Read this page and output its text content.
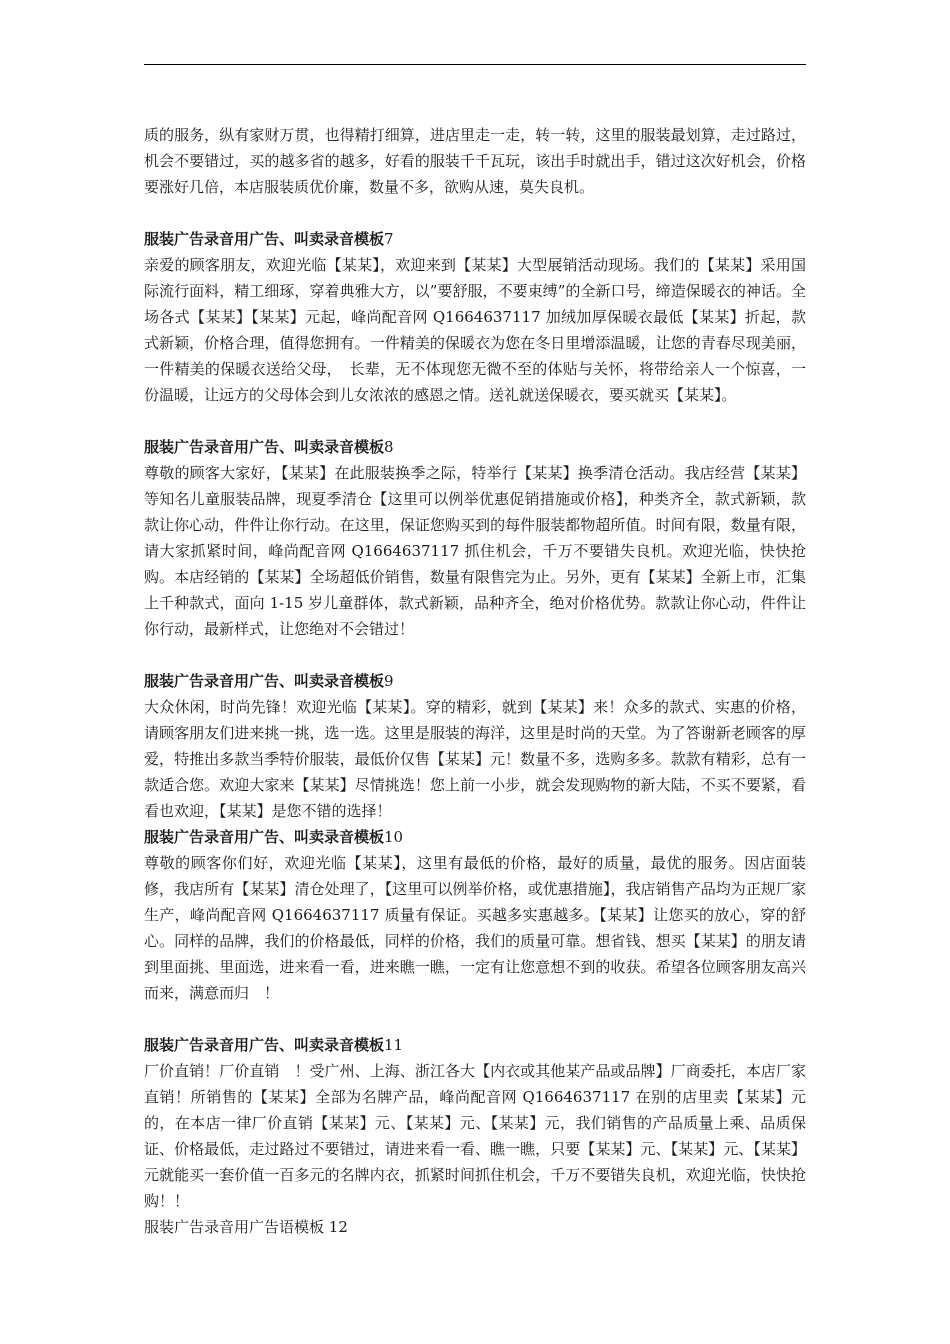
质的服务，纵有家财万贯，也得精打细算，进店里走一走，转一转，这里的服装最划算，走过路过，机会不要错过，买的越多省的越多，好看的服装千千瓦玩，该出手时就出手，错过这次好机会，价格要涨好几倍，本店服装质优价廉，数量不多，欲购从速，莫失良机。

服装广告录音用广告、叫卖录音模板7

亲爱的顾客朋友，欢迎光临【某某】，欢迎来到【某某】大型展销活动现场。我们的【某某】采用国际流行面料，精工细琢，穿着典雅大方，以”要舒服，不要束缚”的全新口号，缔造保暖衣的神话。全场各式【某某】【某某】元起，峰尚配音网 Q1664637117 加绒加厚保暖衣最低【某某】折起，款式新颖，价格合理，值得您拥有。一件精美的保暖衣为您在冬日里增添温暖，让您的青春尽现美丽，一件精美的保暖衣送给父母，　长辈，无不体现您无微不至的体贴与关怀，将带给亲人一个惊喜，一份温暖，让远方的父母体会到儿女浓浓的感恩之情。送礼就送保暖衣，要买就买【某某】。

服装广告录音用广告、叫卖录音模板8

尊敬的顾客大家好，【某某】在此服装换季之际，特举行【某某】换季清仓活动。我店经营【某某】等知名儿童服装品牌，现夏季清仓【这里可以例举优惠促销措施或价格】，种类齐全，款式新颖，款款让你心动，件件让你行动。在这里，保证您购买到的每件服装都物超所值。时间有限，数量有限，请大家抓紧时间，峰尚配音网 Q1664637117 抓住机会，千万不要错失良机。欢迎光临，快快抢购。本店经销的【某某】全场超低价销售，数量有限售完为止。另外，更有【某某】全新上市，汇集上千种款式，面向 1-15 岁儿童群体，款式新颖，品种齐全，绝对价格优势。款款让你心动，件件让你行动，最新样式，让您绝对不会错过！

服装广告录音用广告、叫卖录音模板9

大众休闲，时尚先锋！欢迎光临【某某】。穿的精彩，就到【某某】来！众多的款式、实惠的价格，请顾客朋友们进来挑一挑，选一选。这里是服装的海洋，这里是时尚的天堂。为了答谢新老顾客的厚爱，特推出多款当季特价服装，最低价仅售【某某】元！数量不多，选购多多。款款有精彩，总有一款适合您。欢迎大家来【某某】尽情挑选！您上前一小步，就会发现购物的新大陆，不买不要紧，看看也欢迎，【某某】是您不错的选择！

服装广告录音用广告、叫卖录音模板10

尊敬的顾客你们好，欢迎光临【某某】，这里有最低的价格，最好的质量，最优的服务。因店面装修，我店所有【某某】清仓处理了，【这里可以例举价格，或优惠措施】，我店销售产品均为正规厂家生产，峰尚配音网 Q1664637117 质量有保证。买越多实惠越多。【某某】让您买的放心，穿的舒心。同样的品牌，我们的价格最低，同样的价格，我们的质量可靠。想省钱、想买【某某】的朋友请到里面挑、里面选，进来看一看，进来瞧一瞧，一定有让您意想不到的收获。希望各位顾客朋友高兴而来，满意而归　！

服装广告录音用广告、叫卖录音模板11

厂价直销！厂价直销　！受广州、上海、浙江各大【内衣或其他某产品或品牌】厂商委托，本店厂家直销！所销售的【某某】全部为名牌产品，峰尚配音网 Q1664637117 在别的店里卖【某某】元的，在本店一律厂价直销【某某】元、【某某】元、【某某】元，我们销售的产品质量上乘、品质保证、价格最低，走过路过不要错过，请进来看一看、瞧一瞧，只要【某某】元、【某某】元、【某某】元就能买一套价值一百多元的名牌内衣，抓紧时间抓住机会，千万不要错失良机，欢迎光临，快快抢购！！

服装广告录音用广告语模板 12
